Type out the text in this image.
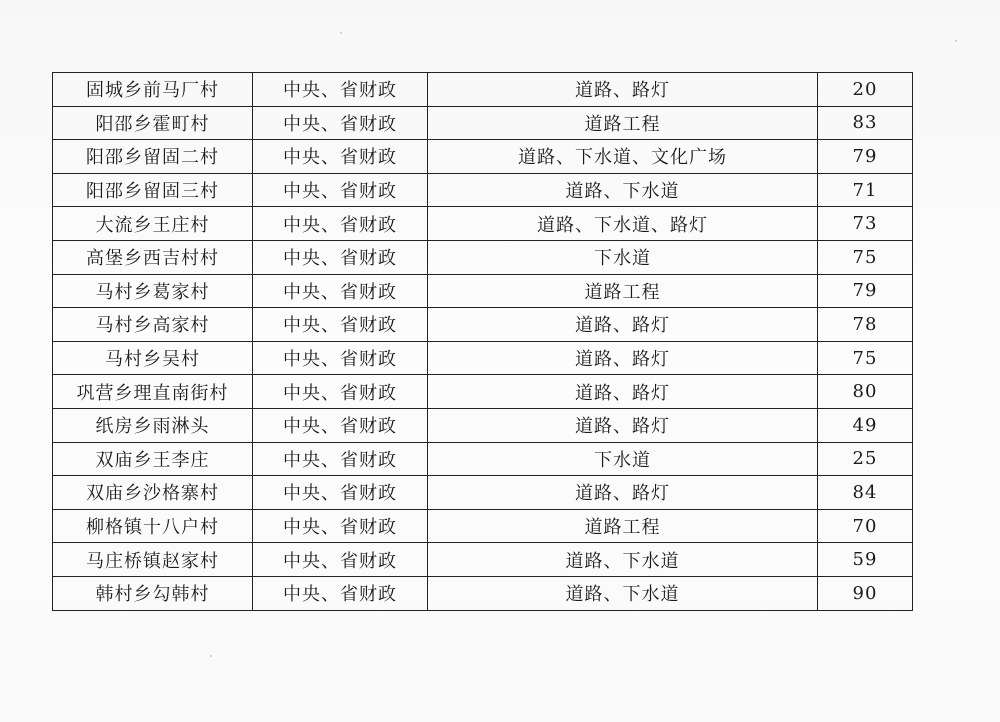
固城乡前马厂村	中央、省财政	道路、路灯	20
阳邵乡霍町村	中央、省财政	道路工程	83
阳邵乡留固二村	中央、省财政	道路、下水道、文化广场	79
阳邵乡留固三村	中央、省财政	道路、下水道	71
大流乡王庄村	中央、省财政	道路、下水道、路灯	73
高堡乡西吉村村	中央、省财政	下水道	75
马村乡葛家村	中央、省财政	道路工程	79
马村乡高家村	中央、省财政	道路、路灯	78
马村乡吴村	中央、省财政	道路、路灯	75
巩营乡理直南街村	中央、省财政	道路、路灯	80
纸房乡雨淋头	中央、省财政	道路、路灯	49
双庙乡王李庄	中央、省财政	下水道	25
双庙乡沙格寨村	中央、省财政	道路、路灯	84
柳格镇十八户村	中央、省财政	道路工程	70
马庄桥镇赵家村	中央、省财政	道路、下水道	59
韩村乡勾韩村	中央、省财政	道路、下水道	90
